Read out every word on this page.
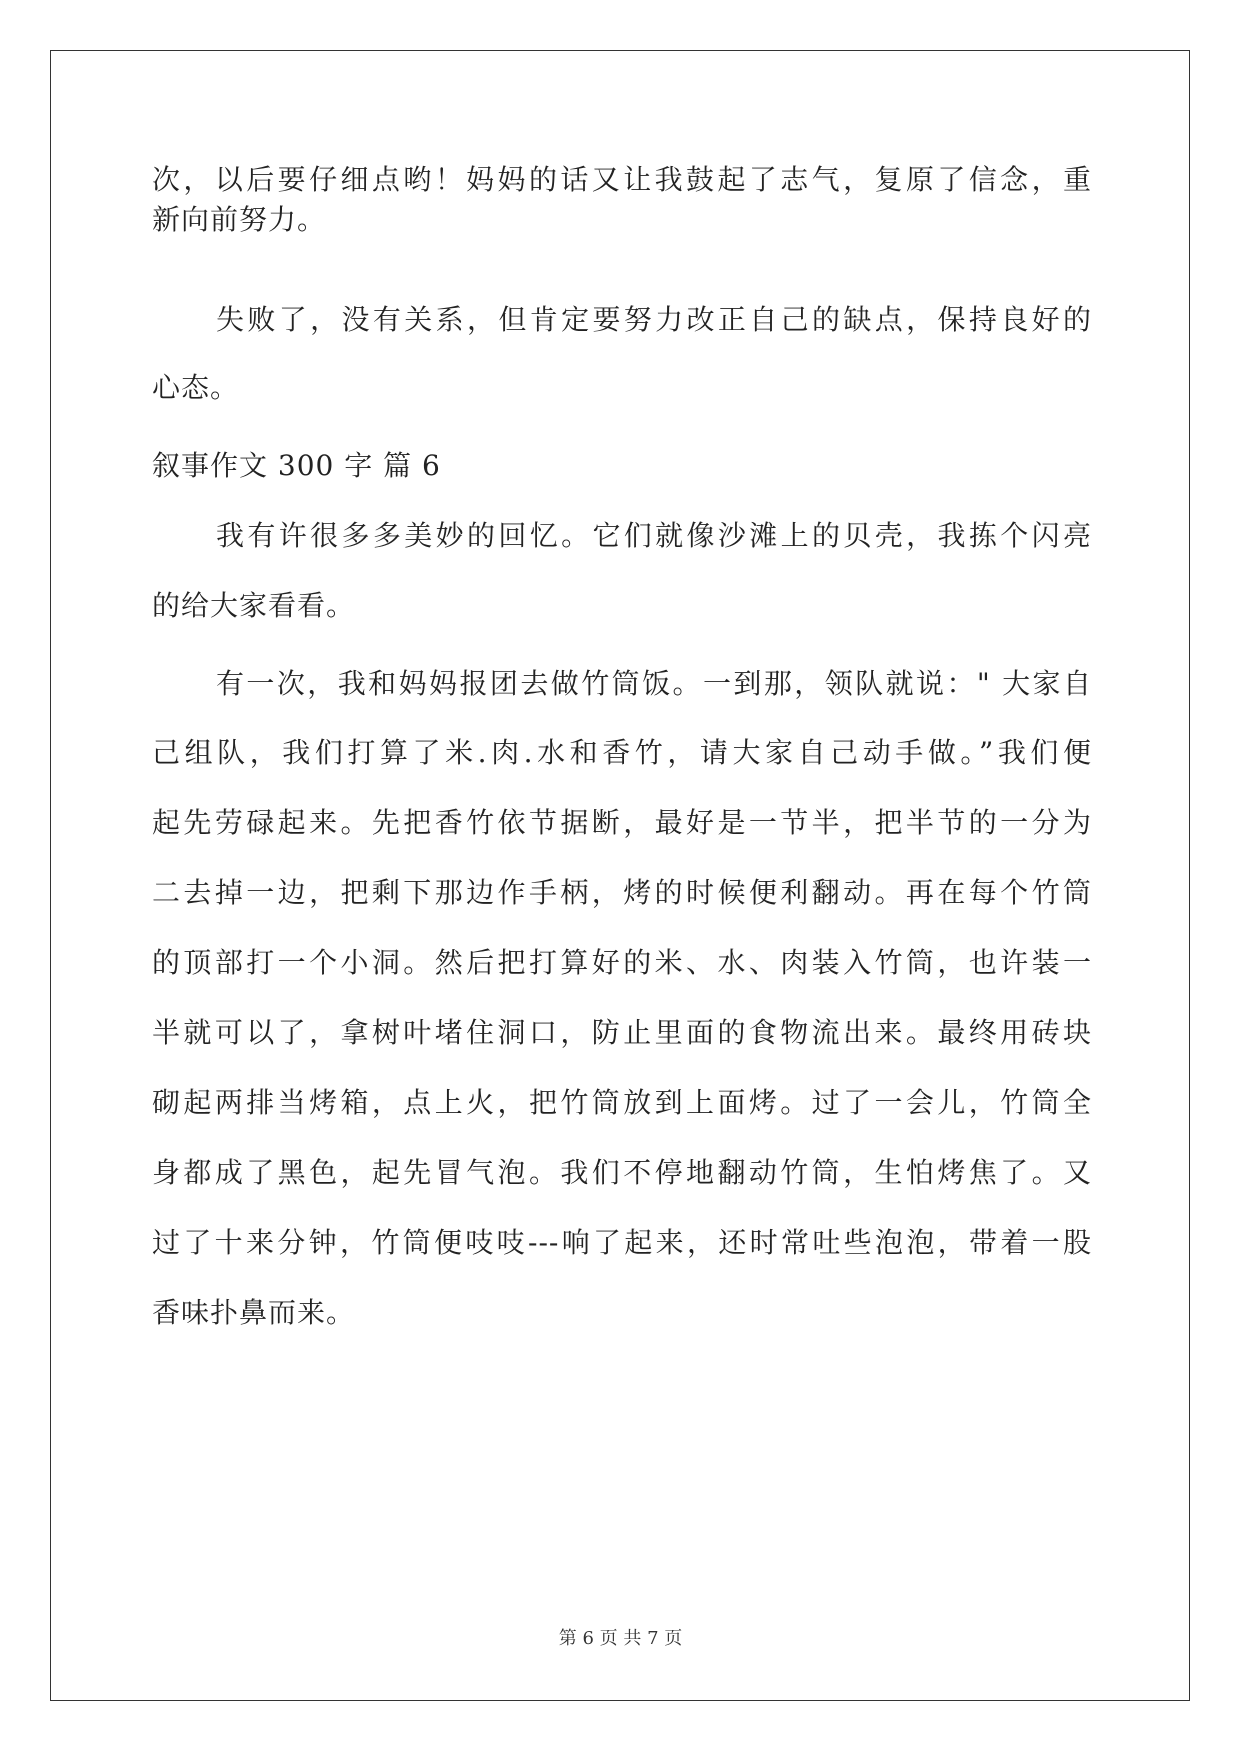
次，以后要仔细点哟！妈妈的话又让我鼓起了志气，复原了信念，重
新向前努力。
失败了，没有关系，但肯定要努力改正自己的缺点，保持良好的
心态。
叙事作文 300 字 篇 6
我有许很多多美妙的回忆。它们就像沙滩上的贝壳，我拣个闪亮
的给大家看看。
有一次，我和妈妈报团去做竹筒饭。一到那，领队就说：" 大家自
己组队，我们打算了米.肉.水和香竹，请大家自己动手做。”我们便
起先劳碌起来。先把香竹依节据断，最好是一节半，把半节的一分为
二去掉一边，把剩下那边作手柄，烤的时候便利翻动。再在每个竹筒
的顶部打一个小洞。然后把打算好的米、水、肉装入竹筒，也许装一
半就可以了，拿树叶堵住洞口，防止里面的食物流出来。最终用砖块
砌起两排当烤箱，点上火，把竹筒放到上面烤。过了一会儿，竹筒全
身都成了黑色，起先冒气泡。我们不停地翻动竹筒，生怕烤焦了。又
过了十来分钟，竹筒便吱吱---响了起来，还时常吐些泡泡，带着一股
香味扑鼻而来。
第 6 页 共 7 页
